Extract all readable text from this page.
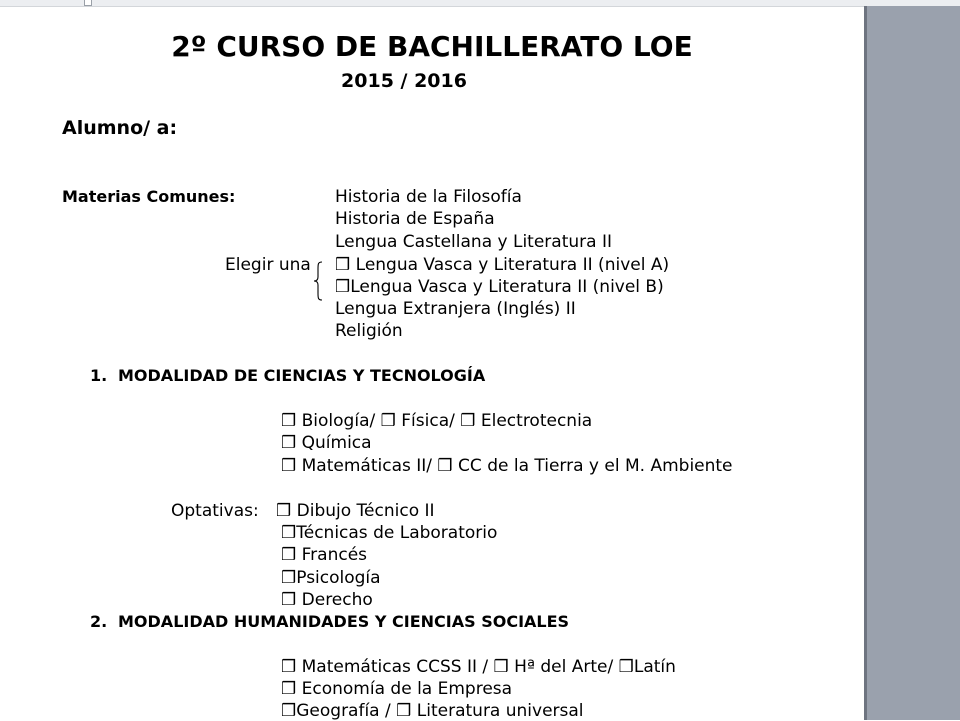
2º CURSO DE BACHILLERATO LOE
2015 / 2016
Alumno/ a:
Materias Comunes:	Historia de la Filosofía
Historia de España
Lengua Castellana y Literatura II
Elegir una ❒ Lengua Vasca y Literatura II (nivel A)
❒Lengua Vasca y Literatura II (nivel B)
Lengua Extranjera (Inglés) II
Religión
1. MODALIDAD DE CIENCIAS Y TECNOLOGÍA
❒ Biología/ ❒ Física/ ❒ Electrotecnia
❒ Química
❒ Matemáticas II/ ❒ CC de la Tierra y el M. Ambiente
Optativas: ❒ Dibujo Técnico II
❒Técnicas de Laboratorio
❒ Francés
❒Psicología
❒ Derecho
2. MODALIDAD HUMANIDADES Y CIENCIAS SOCIALES
❒ Matemáticas CCSS II / ❒ Hª del Arte/ ❒Latín
❒ Economía de la Empresa
❒Geografía / ❒ Literatura universal
